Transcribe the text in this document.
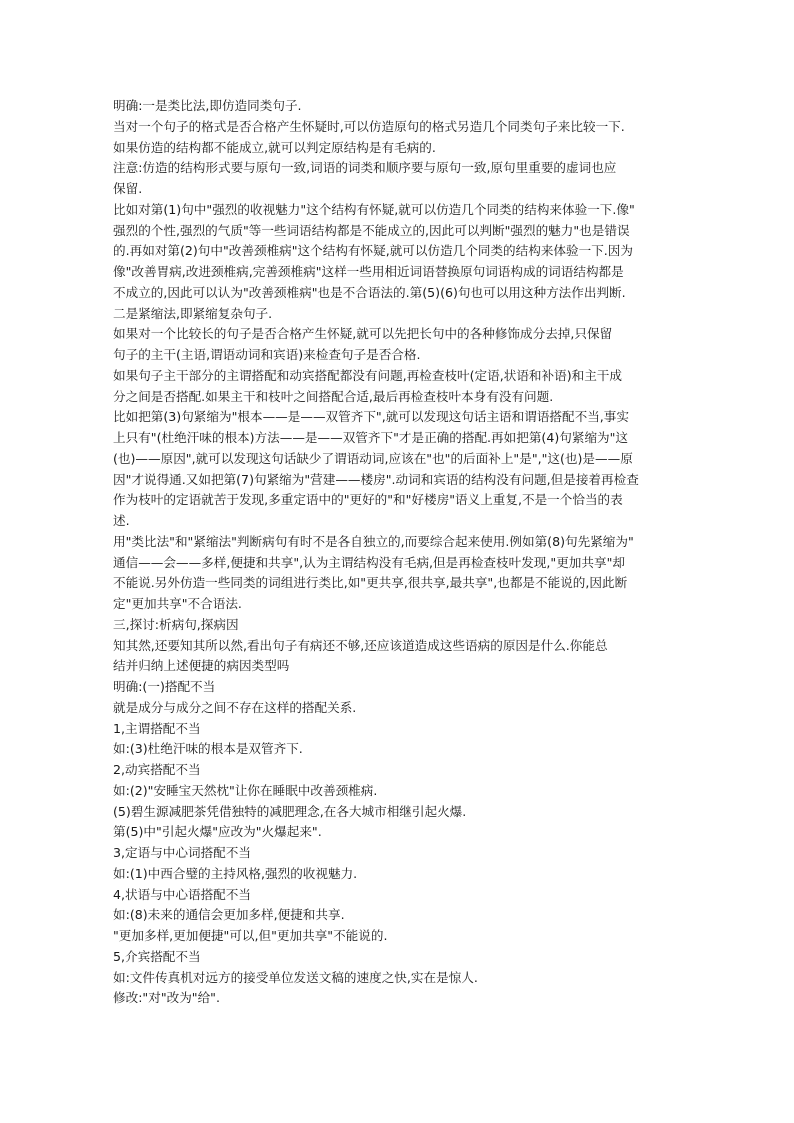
明确:一是类比法,即仿造同类句子.

当对一个句子的格式是否合格产生怀疑时,可以仿造原句的格式另造几个同类句子来比较一下.

如果仿造的结构都不能成立,就可以判定原结构是有毛病的.

注意:仿造的结构形式要与原句一致,词语的词类和顺序要与原句一致,原句里重要的虚词也应

保留.

比如对第(1)句中"强烈的收视魅力"这个结构有怀疑,就可以仿造几个同类的结构来体验一下.像"

强烈的个性,强烈的气质"等一些词语结构都是不能成立的,因此可以判断"强烈的魅力"也是错误

的.再如对第(2)句中"改善颈椎病"这个结构有怀疑,就可以仿造几个同类的结构来体验一下.因为

像"改善胃病,改进颈椎病,完善颈椎病"这样一些用相近词语替换原句词语构成的词语结构都是

不成立的,因此可以认为"改善颈椎病"也是不合语法的.第(5)(6)句也可以用这种方法作出判断.

二是紧缩法,即紧缩复杂句子.

如果对一个比较长的句子是否合格产生怀疑,就可以先把长句中的各种修饰成分去掉,只保留

句子的主干(主语,谓语动词和宾语)来检查句子是否合格.

如果句子主干部分的主谓搭配和动宾搭配都没有问题,再检查枝叶(定语,状语和补语)和主干成

分之间是否搭配.如果主干和枝叶之间搭配合适,最后再检查枝叶本身有没有问题.

比如把第(3)句紧缩为"根本——是——双管齐下",就可以发现这句话主语和谓语搭配不当,事实

上只有"(杜绝汗味的根本)方法——是——双管齐下"才是正确的搭配.再如把第(4)句紧缩为"这

(也)——原因",就可以发现这句话缺少了谓语动词,应该在"也"的后面补上"是","这(也)是——原

因"才说得通.又如把第(7)句紧缩为"营建——楼房".动词和宾语的结构没有问题,但是接着再检查

作为枝叶的定语就苦于发现,多重定语中的"更好的"和"好楼房"语义上重复,不是一个恰当的表

述.

用"类比法"和"紧缩法"判断病句有时不是各自独立的,而要综合起来使用.例如第(8)句先紧缩为"

通信——会——多样,便捷和共享",认为主谓结构没有毛病,但是再检查枝叶发现,"更加共享"却

不能说.另外仿造一些同类的词组进行类比,如"更共享,很共享,最共享",也都是不能说的,因此断

定"更加共享"不合语法.

三,探讨:析病句,探病因

知其然,还要知其所以然,看出句子有病还不够,还应该道造成这些语病的原因是什么.你能总

结并归纳上述便捷的病因类型吗

明确:(一)搭配不当

就是成分与成分之间不存在这样的搭配关系.

1,主谓搭配不当

如:(3)杜绝汗味的根本是双管齐下.

2,动宾搭配不当

如:(2)"安睡宝天然枕"让你在睡眠中改善颈椎病.

(5)碧生源减肥茶凭借独特的减肥理念,在各大城市相继引起火爆.

第(5)中"引起火爆"应改为"火爆起来".

3,定语与中心词搭配不当

如:(1)中西合璧的主持风格,强烈的收视魅力.

4,状语与中心语搭配不当

如:(8)未来的通信会更加多样,便捷和共享.

"更加多样,更加便捷"可以,但"更加共享"不能说的.

5,介宾搭配不当

如:文件传真机对远方的接受单位发送文稿的速度之快,实在是惊人.

修改:"对"改为"给".
